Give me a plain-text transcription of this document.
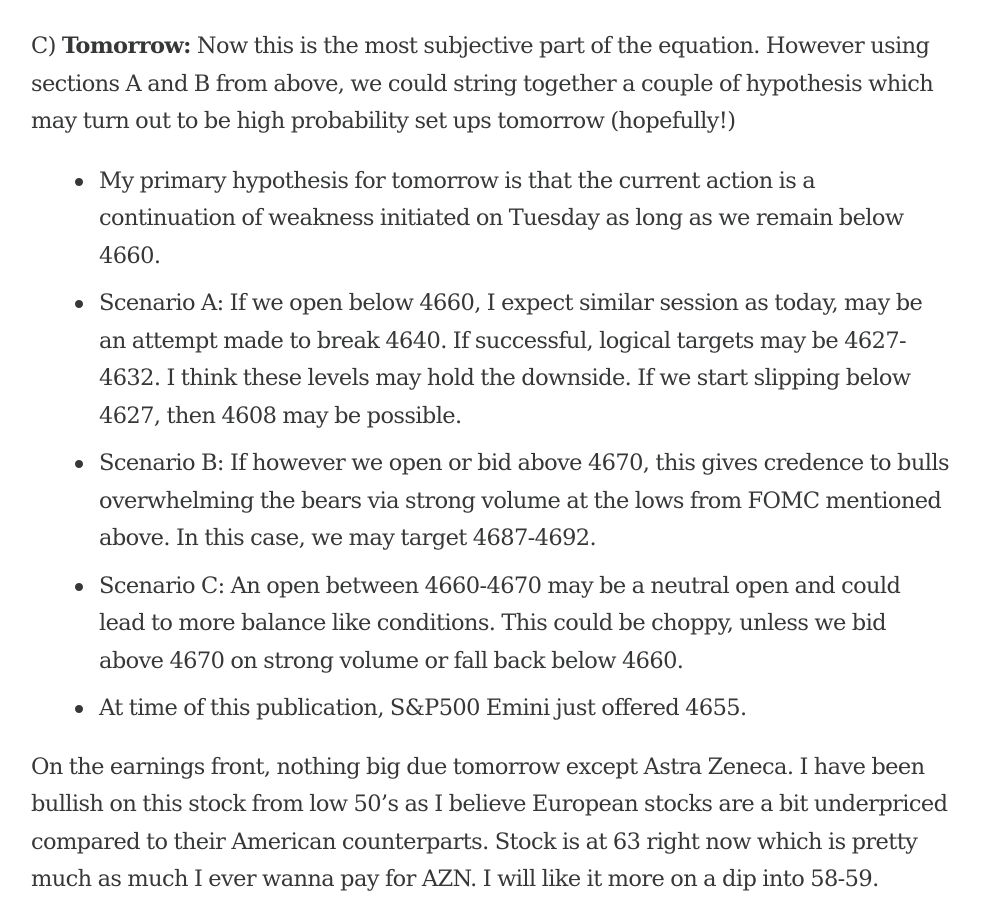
C) Tomorrow: Now this is the most subjective part of the equation. However using sections A and B from above, we could string together a couple of hypothesis which may turn out to be high probability set ups tomorrow (hopefully!)

My primary hypothesis for tomorrow is that the current action is a continuation of weakness initiated on Tuesday as long as we remain below 4660.
Scenario A: If we open below 4660, I expect similar session as today, may be an attempt made to break 4640. If successful, logical targets may be 4627-4632. I think these levels may hold the downside. If we start slipping below 4627, then 4608 may be possible.
Scenario B: If however we open or bid above 4670, this gives credence to bulls overwhelming the bears via strong volume at the lows from FOMC mentioned above. In this case, we may target 4687-4692.
Scenario C: An open between 4660-4670 may be a neutral open and could lead to more balance like conditions. This could be choppy, unless we bid above 4670 on strong volume or fall back below 4660.
At time of this publication, S&P500 Emini just offered 4655.

On the earnings front, nothing big due tomorrow except Astra Zeneca. I have been bullish on this stock from low 50’s as I believe European stocks are a bit underpriced compared to their American counterparts. Stock is at 63 right now which is pretty much as much I ever wanna pay for AZN. I will like it more on a dip into 58-59.
